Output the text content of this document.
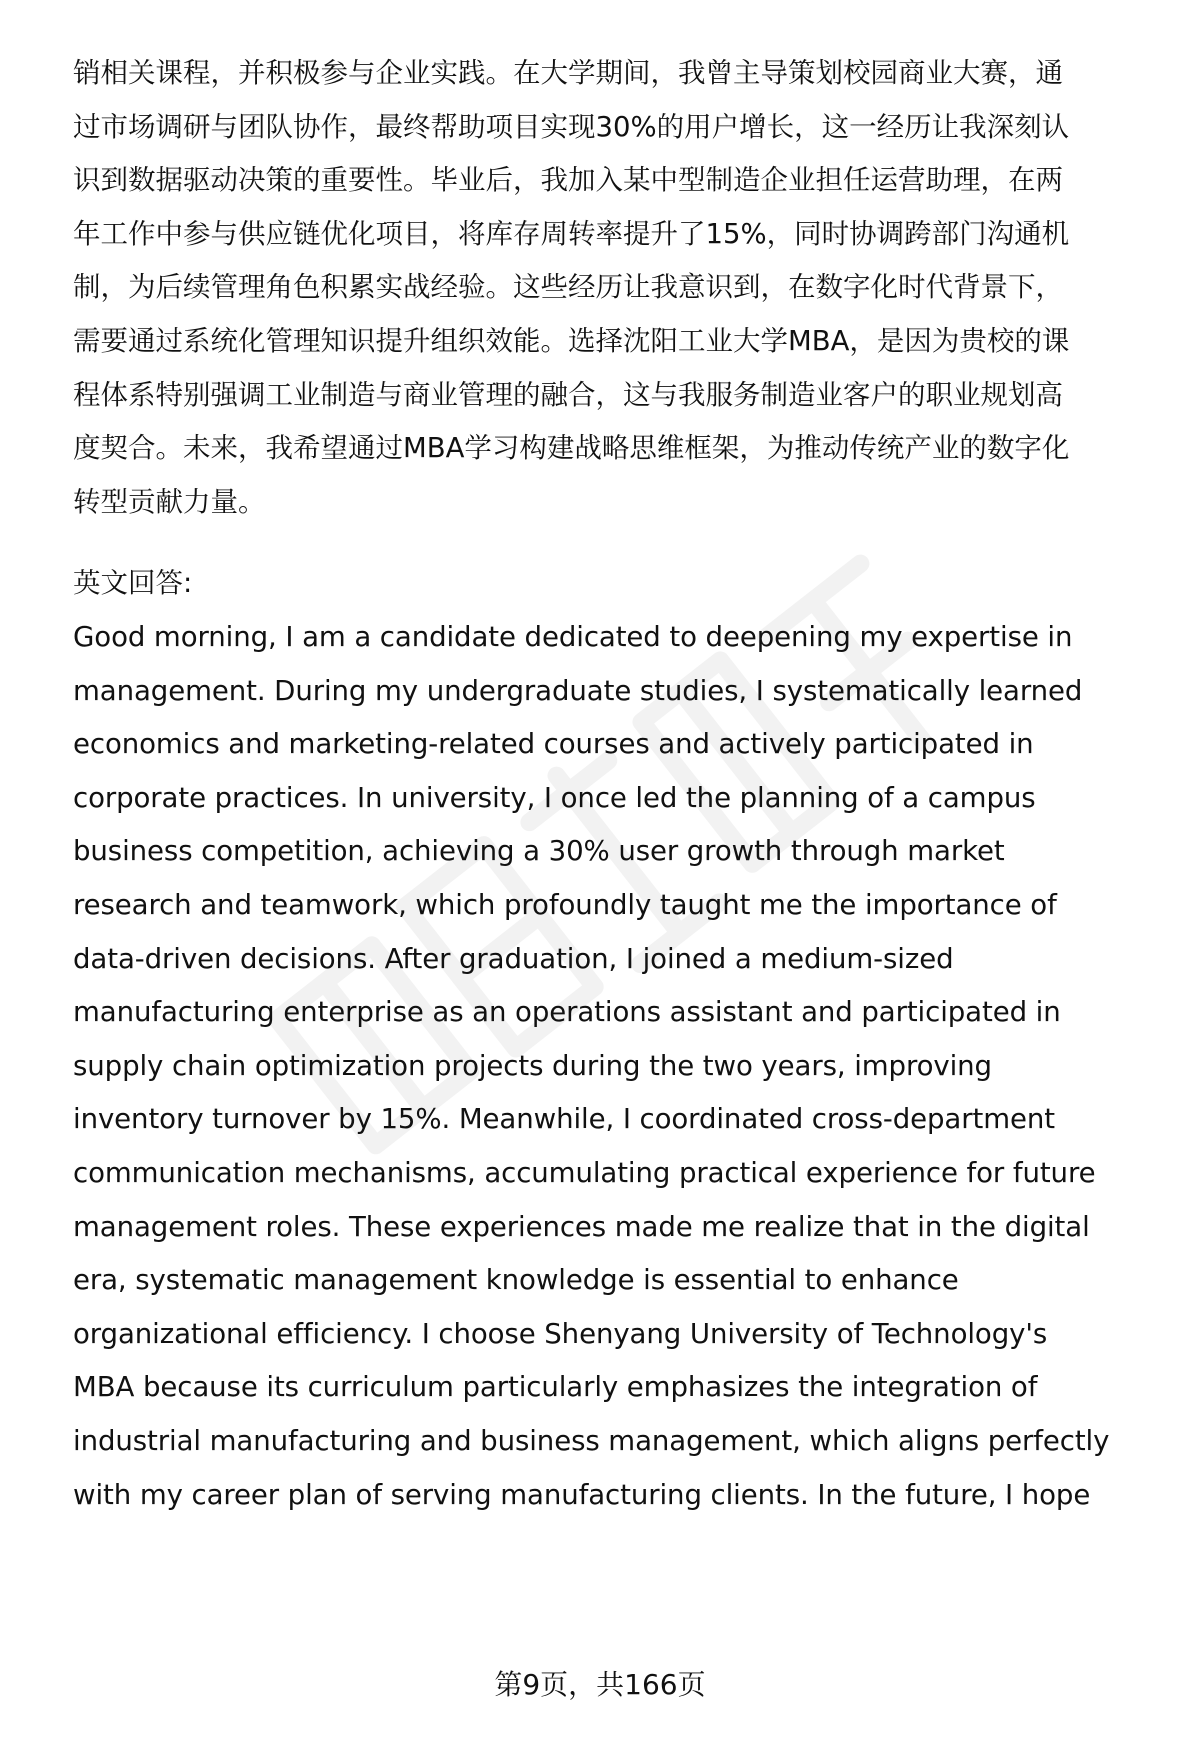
销相关课程，并积极参与企业实践。在大学期间，我曾主导策划校园商业大赛，通
过市场调研与团队协作，最终帮助项目实现30%的用户增长，这一经历让我深刻认
识到数据驱动决策的重要性。毕业后，我加入某中型制造企业担任运营助理，在两
年工作中参与供应链优化项目，将库存周转率提升了15%，同时协调跨部门沟通机
制，为后续管理角色积累实战经验。这些经历让我意识到，在数字化时代背景下，
需要通过系统化管理知识提升组织效能。选择沈阳工业大学MBA，是因为贵校的课
程体系特别强调工业制造与商业管理的融合，这与我服务制造业客户的职业规划高
度契合。未来，我希望通过MBA学习构建战略思维框架，为推动传统产业的数字化
转型贡献力量。
英文回答:
Good morning, I am a candidate dedicated to deepening my expertise in
management. During my undergraduate studies, I systematically learned
economics and marketing-related courses and actively participated in
corporate practices. In university, I once led the planning of a campus
business competition, achieving a 30% user growth through market
research and teamwork, which profoundly taught me the importance of
data-driven decisions. After graduation, I joined a medium-sized
manufacturing enterprise as an operations assistant and participated in
supply chain optimization projects during the two years, improving
inventory turnover by 15%. Meanwhile, I coordinated cross-department
communication mechanisms, accumulating practical experience for future
management roles. These experiences made me realize that in the digital
era, systematic management knowledge is essential to enhance
organizational efficiency. I choose Shenyang University of Technology's
MBA because its curriculum particularly emphasizes the integration of
industrial manufacturing and business management, which aligns perfectly
with my career plan of serving manufacturing clients. In the future, I hope
第9页，共166页
